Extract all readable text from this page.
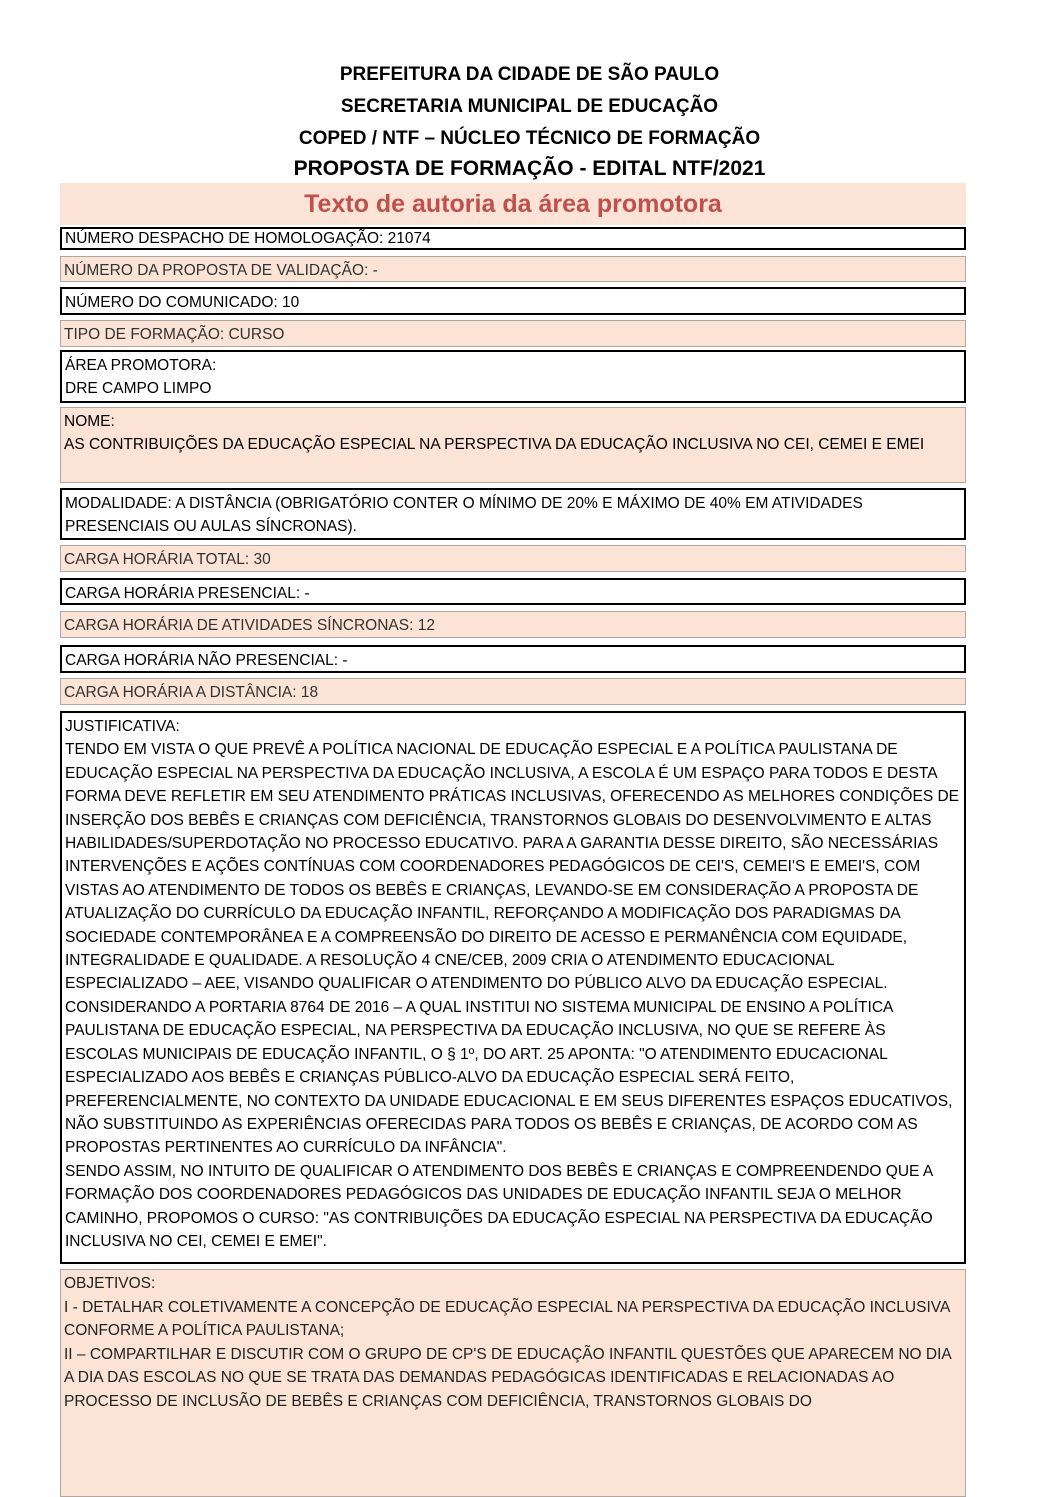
PREFEITURA DA CIDADE DE SÃO PAULO
SECRETARIA MUNICIPAL DE EDUCAÇÃO
COPED / NTF – NÚCLEO TÉCNICO DE FORMAÇÃO
PROPOSTA DE FORMAÇÃO - EDITAL NTF/2021
Texto de autoria da área promotora
NÚMERO DESPACHO DE HOMOLOGAÇÃO: 21074
NÚMERO DA PROPOSTA DE VALIDAÇÃO: -
NÚMERO DO COMUNICADO: 10
TIPO DE FORMAÇÃO: CURSO
ÁREA PROMOTORA:
DRE CAMPO LIMPO
NOME:
AS CONTRIBUIÇÕES DA EDUCAÇÃO ESPECIAL NA PERSPECTIVA DA EDUCAÇÃO INCLUSIVA NO CEI, CEMEI E EMEI
MODALIDADE: A DISTÂNCIA (OBRIGATÓRIO CONTER O MÍNIMO DE 20% E MÁXIMO DE 40% EM ATIVIDADES PRESENCIAIS OU AULAS SÍNCRONAS).
CARGA HORÁRIA TOTAL: 30
CARGA HORÁRIA PRESENCIAL: -
CARGA HORÁRIA DE ATIVIDADES SÍNCRONAS: 12
CARGA HORÁRIA NÃO PRESENCIAL: -
CARGA HORÁRIA A DISTÂNCIA: 18
JUSTIFICATIVA:
TENDO EM VISTA O QUE PREVÊ A POLÍTICA NACIONAL DE EDUCAÇÃO ESPECIAL E A POLÍTICA PAULISTANA DE EDUCAÇÃO ESPECIAL NA PERSPECTIVA DA EDUCAÇÃO INCLUSIVA, A ESCOLA É UM ESPAÇO PARA TODOS E DESTA FORMA DEVE REFLETIR EM SEU ATENDIMENTO PRÁTICAS INCLUSIVAS, OFERECENDO AS MELHORES CONDIÇÕES DE INSERÇÃO DOS BEBÊS E CRIANÇAS COM DEFICIÊNCIA, TRANSTORNOS GLOBAIS DO DESENVOLVIMENTO E ALTAS HABILIDADES/SUPERDOTAÇÃO NO PROCESSO EDUCATIVO. PARA A GARANTIA DESSE DIREITO, SÃO NECESSÁRIAS INTERVENÇÕES E AÇÕES CONTÍNUAS COM COORDENADORES PEDAGÓGICOS DE CEI'S, CEMEI'S E EMEI'S, COM VISTAS AO ATENDIMENTO DE TODOS OS BEBÊS E CRIANÇAS, LEVANDO-SE EM CONSIDERAÇÃO A PROPOSTA DE ATUALIZAÇÃO DO CURRÍCULO DA EDUCAÇÃO INFANTIL, REFORÇANDO A MODIFICAÇÃO DOS PARADIGMAS DA SOCIEDADE CONTEMPORÂNEA E A COMPREENSÃO DO DIREITO DE ACESSO E PERMANÊNCIA COM EQUIDADE, INTEGRALIDADE E QUALIDADE. A RESOLUÇÃO 4 CNE/CEB, 2009 CRIA O ATENDIMENTO EDUCACIONAL ESPECIALIZADO – AEE, VISANDO QUALIFICAR O ATENDIMENTO DO PÚBLICO ALVO DA EDUCAÇÃO ESPECIAL. CONSIDERANDO A PORTARIA 8764 DE 2016 – A QUAL INSTITUI NO SISTEMA MUNICIPAL DE ENSINO A POLÍTICA PAULISTANA DE EDUCAÇÃO ESPECIAL, NA PERSPECTIVA DA EDUCAÇÃO INCLUSIVA, NO QUE SE REFERE ÀS ESCOLAS MUNICIPAIS DE EDUCAÇÃO INFANTIL, O § 1º, DO ART. 25 APONTA: "O ATENDIMENTO EDUCACIONAL ESPECIALIZADO AOS BEBÊS E CRIANÇAS PÚBLICO-ALVO DA EDUCAÇÃO ESPECIAL SERÁ FEITO, PREFERENCIALMENTE, NO CONTEXTO DA UNIDADE EDUCACIONAL E EM SEUS DIFERENTES ESPAÇOS EDUCATIVOS, NÃO SUBSTITUINDO AS EXPERIÊNCIAS OFERECIDAS PARA TODOS OS BEBÊS E CRIANÇAS, DE ACORDO COM AS PROPOSTAS PERTINENTES AO CURRÍCULO DA INFÂNCIA".
SENDO ASSIM, NO INTUITO DE QUALIFICAR O ATENDIMENTO DOS BEBÊS E CRIANÇAS E COMPREENDENDO QUE A FORMAÇÃO DOS COORDENADORES PEDAGÓGICOS DAS UNIDADES DE EDUCAÇÃO INFANTIL SEJA O MELHOR CAMINHO, PROPOMOS O CURSO: "AS CONTRIBUIÇÕES DA EDUCAÇÃO ESPECIAL NA PERSPECTIVA DA EDUCAÇÃO INCLUSIVA NO CEI, CEMEI E EMEI".
OBJETIVOS:
I - DETALHAR COLETIVAMENTE A CONCEPÇÃO DE EDUCAÇÃO ESPECIAL NA PERSPECTIVA DA EDUCAÇÃO INCLUSIVA CONFORME A POLÍTICA PAULISTANA;
II – COMPARTILHAR E DISCUTIR COM O GRUPO DE CP'S DE EDUCAÇÃO INFANTIL QUESTÕES QUE APARECEM NO DIA A DIA DAS ESCOLAS NO QUE SE TRATA DAS DEMANDAS PEDAGÓGICAS IDENTIFICADAS E RELACIONADAS AO PROCESSO DE INCLUSÃO DE BEBÊS E CRIANÇAS COM DEFICIÊNCIA, TRANSTORNOS GLOBAIS DO
